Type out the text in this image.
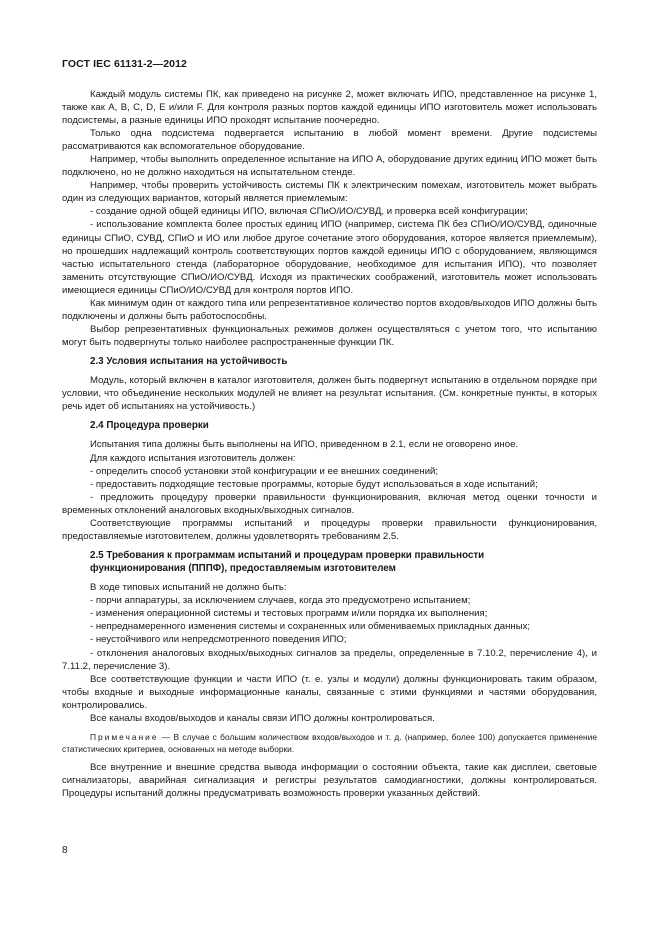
ГОСТ IEC 61131-2—2012

Каждый модуль системы ПК, как приведено на рисунке 2, может включать ИПО, представленное на рисунке 1, также как A, B, C, D, E и/или F. Для контроля разных портов каждой единицы ИПО изготовитель может использовать подсистемы, а разные единицы ИПО проходят испытание поочередно.

Только одна подсистема подвергается испытанию в любой момент времени. Другие подсистемы рассматриваются как вспомогательное оборудование.

Например, чтобы выполнить определенное испытание на ИПО A, оборудование других единиц ИПО может быть подключено, но не должно находиться на испытательном стенде.

Например, чтобы проверить устойчивость системы ПК к электрическим помехам, изготовитель может выбрать один из следующих вариантов, который является приемлемым:

- создание одной общей единицы ИПО, включая СПиО/ИО/СУВД, и проверка всей конфигурации;

- использование комплекта более простых единиц ИПО (например, система ПК без СПиО/ИО/СУВД, одиночные единицы СПиО, СУВД, СПиО и ИО или любое другое сочетание этого оборудования, которое является приемлемым), но прошедших надлежащий контроль соответствующих портов каждой единицы ИПО с оборудованием, являющимся частью испытательного стенда (лабораторное оборудование, необходимое для испытания ИПО), что позволяет заменить отсутствующие СПиО/ИО/СУВД. Исходя из практических соображений, изготовитель может использовать имеющиеся единицы СПиО/ИО/СУВД для контроля портов ИПО.

Как минимум один от каждого типа или репрезентативное количество портов входов/выходов ИПО должны быть подключены и должны быть работоспособны.

Выбор репрезентативных функциональных режимов должен осуществляться с учетом того, что испытанию могут быть подвергнуты только наиболее распространенные функции ПК.

2.3 Условия испытания на устойчивость

Модуль, который включен в каталог изготовителя, должен быть подвергнут испытанию в отдельном порядке при условии, что объединение нескольких модулей не влияет на результат испытания. (См. конкретные пункты, в которых речь идет об испытаниях на устойчивость.)

2.4 Процедура проверки

Испытания типа должны быть выполнены на ИПО, приведенном в 2.1, если не оговорено иное.

Для каждого испытания изготовитель должен:

- определить способ установки этой конфигурации и ее внешних соединений;

- предоставить подходящие тестовые программы, которые будут использоваться в ходе испытаний;

- предложить процедуру проверки правильности функционирования, включая метод оценки точности и временных отклонений аналоговых входных/выходных сигналов.

Соответствующие программы испытаний и процедуры проверки правильности функционирования, предоставляемые изготовителем, должны удовлетворять требованиям 2.5.

2.5 Требования к программам испытаний и процедурам проверки правильности
функционирования (ПППФ), предоставляемым изготовителем

В ходе типовых испытаний не должно быть:

- порчи аппаратуры, за исключением случаев, когда это предусмотрено испытанием;

- изменения операционной системы и тестовых программ и/или порядка их выполнения;

- непреднамеренного изменения системы и сохраненных или обмениваемых прикладных данных;

- неустойчивого или непредсмотренного поведения ИПО;

- отклонения аналоговых входных/выходных сигналов за пределы, определенные в 7.10.2, перечисление 4), и 7.11.2, перечисление 3).

Все соответствующие функции и части ИПО (т. е. узлы и модули) должны функционировать таким образом, чтобы входные и выходные информационные каналы, связанные с этими функциями и частями оборудования, контролировались.

Все каналы входов/выходов и каналы связи ИПО должны контролироваться.

Примечание — В случае с большим количеством входов/выходов и т. д. (например, более 100) допускается применение статистических критериев, основанных на методе выборки.

Все внутренние и внешние средства вывода информации о состоянии объекта, такие как дисплеи, световые сигнализаторы, аварийная сигнализация и регистры результатов самодиагностики, должны контролироваться. Процедуры испытаний должны предусматривать возможность проверки указанных действий.

8
